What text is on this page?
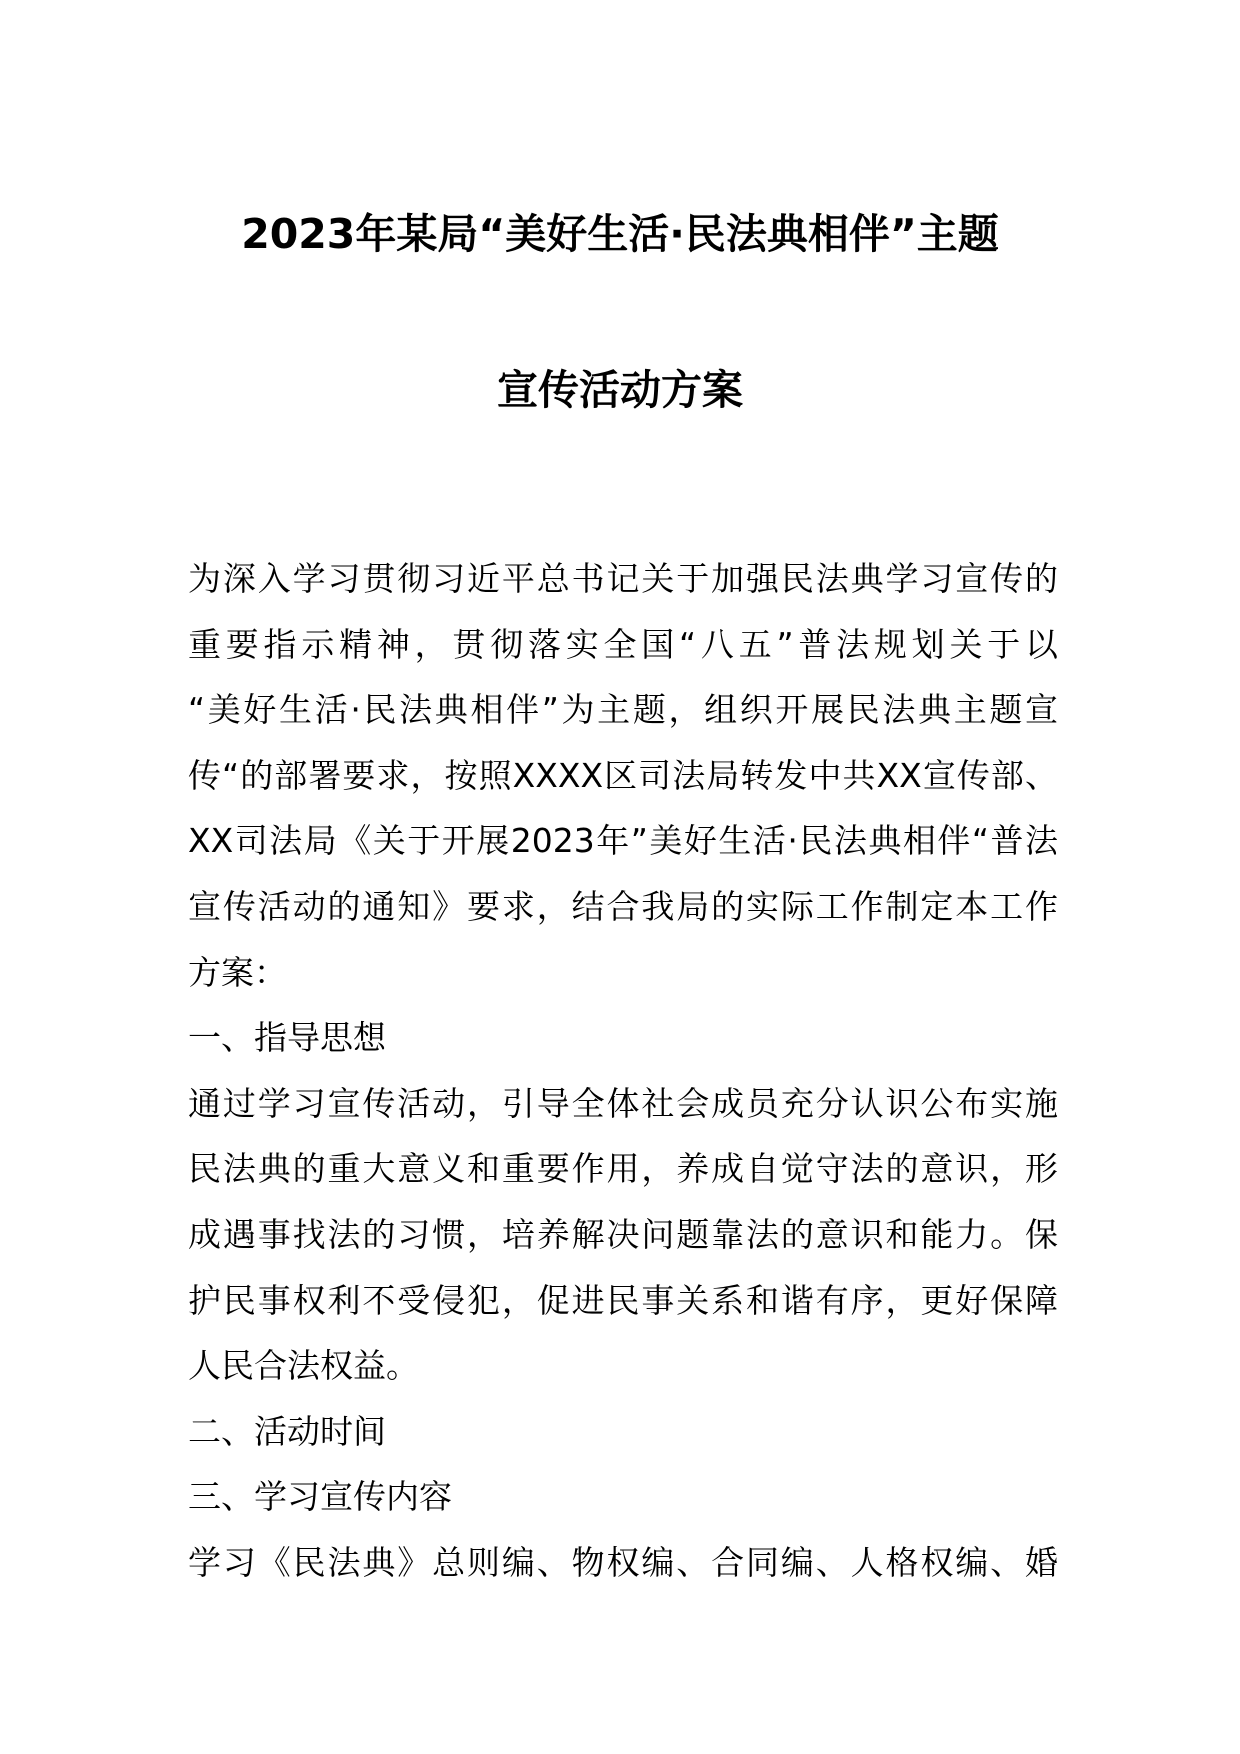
2023年某局“美好生活·民法典相伴”主题
宣传活动方案
为深入学习贯彻习近平总书记关于加强民法典学习宣传的
重要指示精神，贯彻落实全国“八五”普法规划关于以
“美好生活·民法典相伴”为主题，组织开展民法典主题宣
传“的部署要求，按照XXXX区司法局转发中共XX宣传部、
XX司法局《关于开展2023年”美好生活·民法典相伴“普法
宣传活动的通知》要求，结合我局的实际工作制定本工作
方案：
一、指导思想
通过学习宣传活动，引导全体社会成员充分认识公布实施
民法典的重大意义和重要作用，养成自觉守法的意识，形
成遇事找法的习惯，培养解决问题靠法的意识和能力。保
护民事权利不受侵犯，促进民事关系和谐有序，更好保障
人民合法权益。
二、活动时间
三、学习宣传内容
学习《民法典》总则编、物权编、合同编、人格权编、婚
